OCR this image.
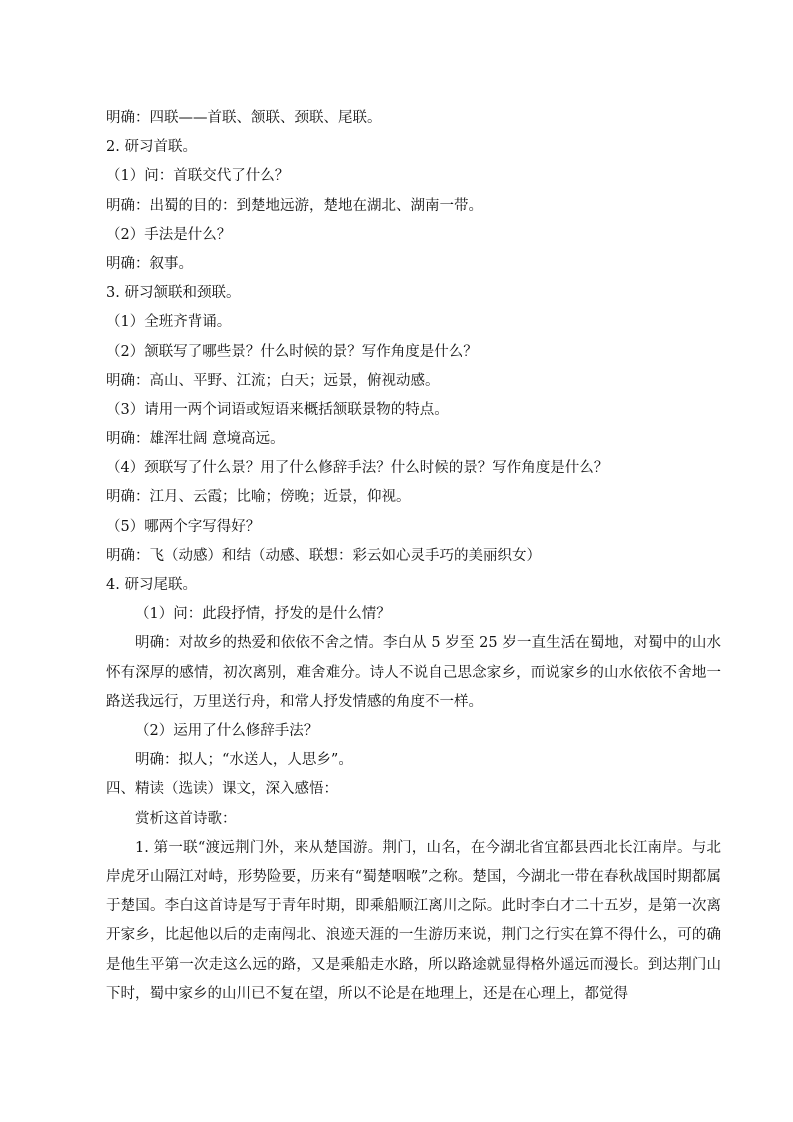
明确：四联——首联、颔联、颈联、尾联。
2. 研习首联。
（1）问：首联交代了什么？
明确：出蜀的目的：到楚地远游，楚地在湖北、湖南一带。
（2）手法是什么？
明确：叙事。
3. 研习颔联和颈联。
（1）全班齐背诵。
（2）颔联写了哪些景？什么时候的景？写作角度是什么？
明确：高山、平野、江流；白天；远景，俯视动感。
（3）请用一两个词语或短语来概括颔联景物的特点。
明确：雄浑壮阔 意境高远。
（4）颈联写了什么景？用了什么修辞手法？什么时候的景？写作角度是什么？
明确：江月、云霞；比喻；傍晚；近景，仰视。
（5）哪两个字写得好？
明确：飞（动感）和结（动感、联想：彩云如心灵手巧的美丽织女）
4. 研习尾联。
（1）问：此段抒情，抒发的是什么情？
明确：对故乡的热爱和依依不舍之情。李白从 5 岁至 25 岁一直生活在蜀地，对蜀中的山水怀有深厚的感情，初次离别，难舍难分。诗人不说自己思念家乡，而说家乡的山水依依不舍地一路送我远行，万里送行舟，和常人抒发情感的角度不一样。
（2）运用了什么修辞手法？
明确：拟人；“水送人，人思乡”。
四、精读（选读）课文，深入感悟：
赏析这首诗歌：
1. 第一联“渡远荆门外，来从楚国游。荆门，山名，在今湖北省宜都县西北长江南岸。与北岸虎牙山隔江对峙，形势险要，历来有“蜀楚咽喉”之称。楚国，今湖北一带在春秋战国时期都属于楚国。李白这首诗是写于青年时期，即乘船顺江离川之际。此时李白才二十五岁，是第一次离开家乡，比起他以后的走南闯北、浪迹天涯的一生游历来说，荆门之行实在算不得什么，可的确是他生平第一次走这么远的路，又是乘船走水路，所以路途就显得格外遥远而漫长。到达荆门山下时，蜀中家乡的山川已不复在望，所以不论是在地理上，还是在心理上，都觉得
